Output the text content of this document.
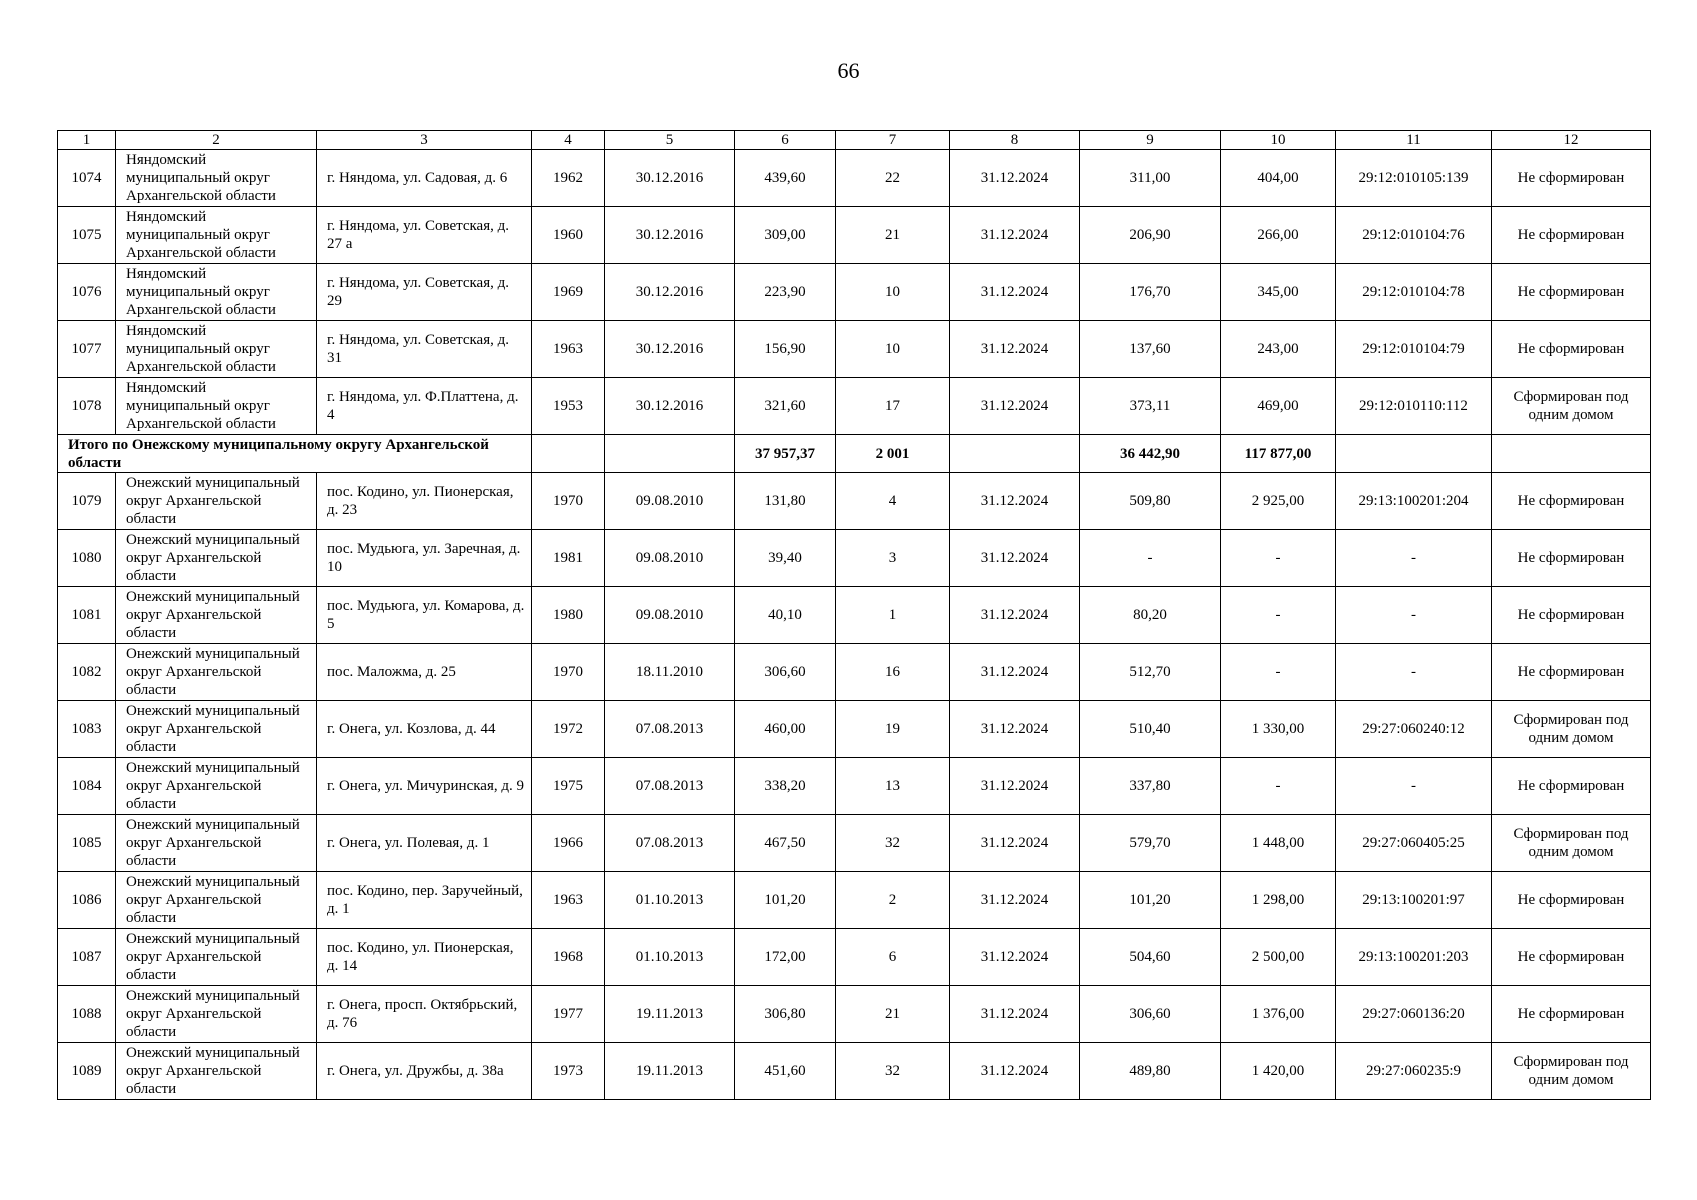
66
1	2	3	4	5	6	7	8	9	10	11	12
1074	Няндомский муниципальный округ Архангельской области	г. Няндома, ул. Садовая, д. 6	1962	30.12.2016	439,60	22	31.12.2024	311,00	404,00	29:12:010105:139	Не сформирован
1075	Няндомский муниципальный округ Архангельской области	г. Няндома, ул. Советская, д. 27 а	1960	30.12.2016	309,00	21	31.12.2024	206,90	266,00	29:12:010104:76	Не сформирован
1076	Няндомский муниципальный округ Архангельской области	г. Няндома, ул. Советская, д. 29	1969	30.12.2016	223,90	10	31.12.2024	176,70	345,00	29:12:010104:78	Не сформирован
1077	Няндомский муниципальный округ Архангельской области	г. Няндома, ул. Советская, д. 31	1963	30.12.2016	156,90	10	31.12.2024	137,60	243,00	29:12:010104:79	Не сформирован
1078	Няндомский муниципальный округ Архангельской области	г. Няндома, ул. Ф.Платтена, д. 4	1953	30.12.2016	321,60	17	31.12.2024	373,11	469,00	29:12:010110:112	Сформирован под одним домом
Итого по Онежскому муниципальному округу Архангельской области					37 957,37	2 001		36 442,90	117 877,00		
1079	Онежский муниципальный округ Архангельской области	пос. Кодино, ул. Пионерская, д. 23	1970	09.08.2010	131,80	4	31.12.2024	509,80	2 925,00	29:13:100201:204	Не сформирован
1080	Онежский муниципальный округ Архангельской области	пос. Мудьюга, ул. Заречная, д. 10	1981	09.08.2010	39,40	3	31.12.2024	-	-	-	Не сформирован
1081	Онежский муниципальный округ Архангельской области	пос. Мудьюга, ул. Комарова, д. 5	1980	09.08.2010	40,10	1	31.12.2024	80,20	-	-	Не сформирован
1082	Онежский муниципальный округ Архангельской области	пос. Маложма, д. 25	1970	18.11.2010	306,60	16	31.12.2024	512,70	-	-	Не сформирован
1083	Онежский муниципальный округ Архангельской области	г. Онега, ул. Козлова, д. 44	1972	07.08.2013	460,00	19	31.12.2024	510,40	1 330,00	29:27:060240:12	Сформирован под одним домом
1084	Онежский муниципальный округ Архангельской области	г. Онега, ул. Мичуринская, д. 9	1975	07.08.2013	338,20	13	31.12.2024	337,80	-	-	Не сформирован
1085	Онежский муниципальный округ Архангельской области	г. Онега, ул. Полевая, д. 1	1966	07.08.2013	467,50	32	31.12.2024	579,70	1 448,00	29:27:060405:25	Сформирован под одним домом
1086	Онежский муниципальный округ Архангельской области	пос. Кодино, пер. Заручейный, д. 1	1963	01.10.2013	101,20	2	31.12.2024	101,20	1 298,00	29:13:100201:97	Не сформирован
1087	Онежский муниципальный округ Архангельской области	пос. Кодино, ул. Пионерская, д. 14	1968	01.10.2013	172,00	6	31.12.2024	504,60	2 500,00	29:13:100201:203	Не сформирован
1088	Онежский муниципальный округ Архангельской области	г. Онега, просп. Октябрьский, д. 76	1977	19.11.2013	306,80	21	31.12.2024	306,60	1 376,00	29:27:060136:20	Не сформирован
1089	Онежский муниципальный округ Архангельской области	г. Онега, ул. Дружбы, д. 38а	1973	19.11.2013	451,60	32	31.12.2024	489,80	1 420,00	29:27:060235:9	Сформирован под одним домом
